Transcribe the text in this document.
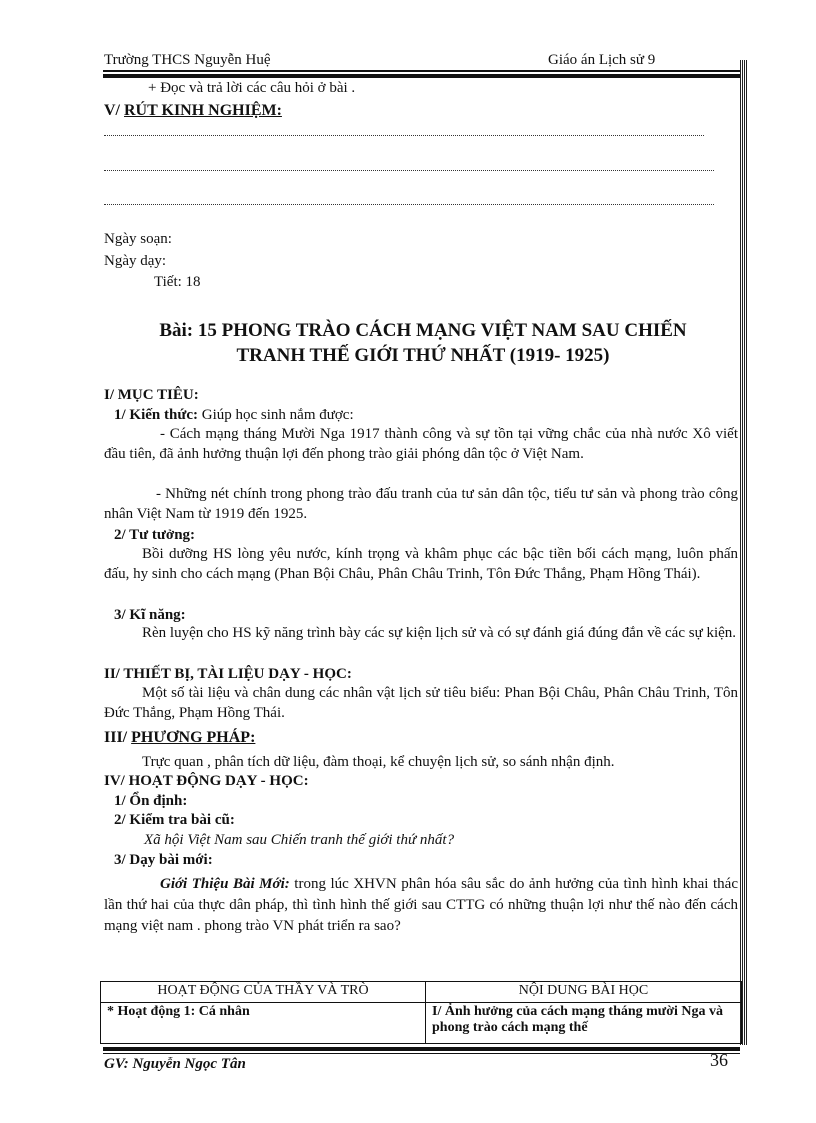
Trường THCS Nguyễn Huệ	Giáo án Lịch sử 9
+ Đọc và trả lời các câu hỏi ở bài .
V/ RÚT KINH NGHIỆM:
Ngày soạn:
Ngày dạy:
Tiết: 18
Bài: 15 PHONG TRÀO CÁCH MẠNG VIỆT NAM SAU CHIẾN
TRANH THẾ GIỚI THỨ NHẤT (1919- 1925)
I/ MỤC TIÊU:
1/ Kiến thức: Giúp học sinh nắm được:
- Cách mạng tháng Mười Nga 1917 thành công và sự tồn tại vững chắc của nhà nước Xô viết đầu tiên, đã ảnh hưởng thuận lợi đến phong trào giải phóng dân tộc ở Việt Nam.
- Những nét chính trong phong trào đấu tranh của tư sản dân tộc, tiểu tư sản và phong trào công nhân Việt Nam từ 1919 đến 1925.
2/ Tư tưởng:
Bồi dưỡng HS lòng yêu nước, kính trọng và khâm phục các bậc tiền bối cách mạng, luôn phấn đấu, hy sinh cho cách mạng (Phan Bội Châu, Phân Châu Trinh, Tôn Đức Thắng, Phạm Hồng Thái).
3/ Kĩ năng:
Rèn luyện cho HS kỹ năng trình bày các sự kiện lịch sử và có sự đánh giá đúng đắn về các sự kiện.
II/ THIẾT BỊ, TÀI LIỆU DẠY - HỌC:
Một số tài liệu và chân dung các nhân vật lịch sử tiêu biểu: Phan Bội Châu, Phân Châu Trinh, Tôn Đức Thắng, Phạm Hồng Thái.
III/ PHƯƠNG PHÁP:
Trực quan , phân tích dữ liệu, đàm thoại, kể chuyện lịch sử, so sánh nhận định.
IV/ HOẠT ĐỘNG DẠY - HỌC:
1/ Ổn định:
2/ Kiểm tra bài cũ:
Xã hội Việt Nam sau Chiến tranh thế giới thứ nhất?
3/ Dạy bài mới:
Giới Thiệu Bài Mới: trong lúc XHVN phân hóa sâu sắc do ảnh hưởng của tình hình khai thác lần thứ hai của thực dân pháp, thì tình hình thế giới sau CTTG có những thuận lợi như thế nào đến cách mạng việt nam . phong trào VN phát triển ra sao?
HOẠT ĐỘNG CỦA THẦY VÀ TRÒ	NỘI DUNG BÀI HỌC
* Hoạt động 1: Cá nhân	I/ Ảnh hưởng của cách mạng tháng mười Nga và phong trào cách mạng thế
GV: Nguyễn Ngọc Tân	36
